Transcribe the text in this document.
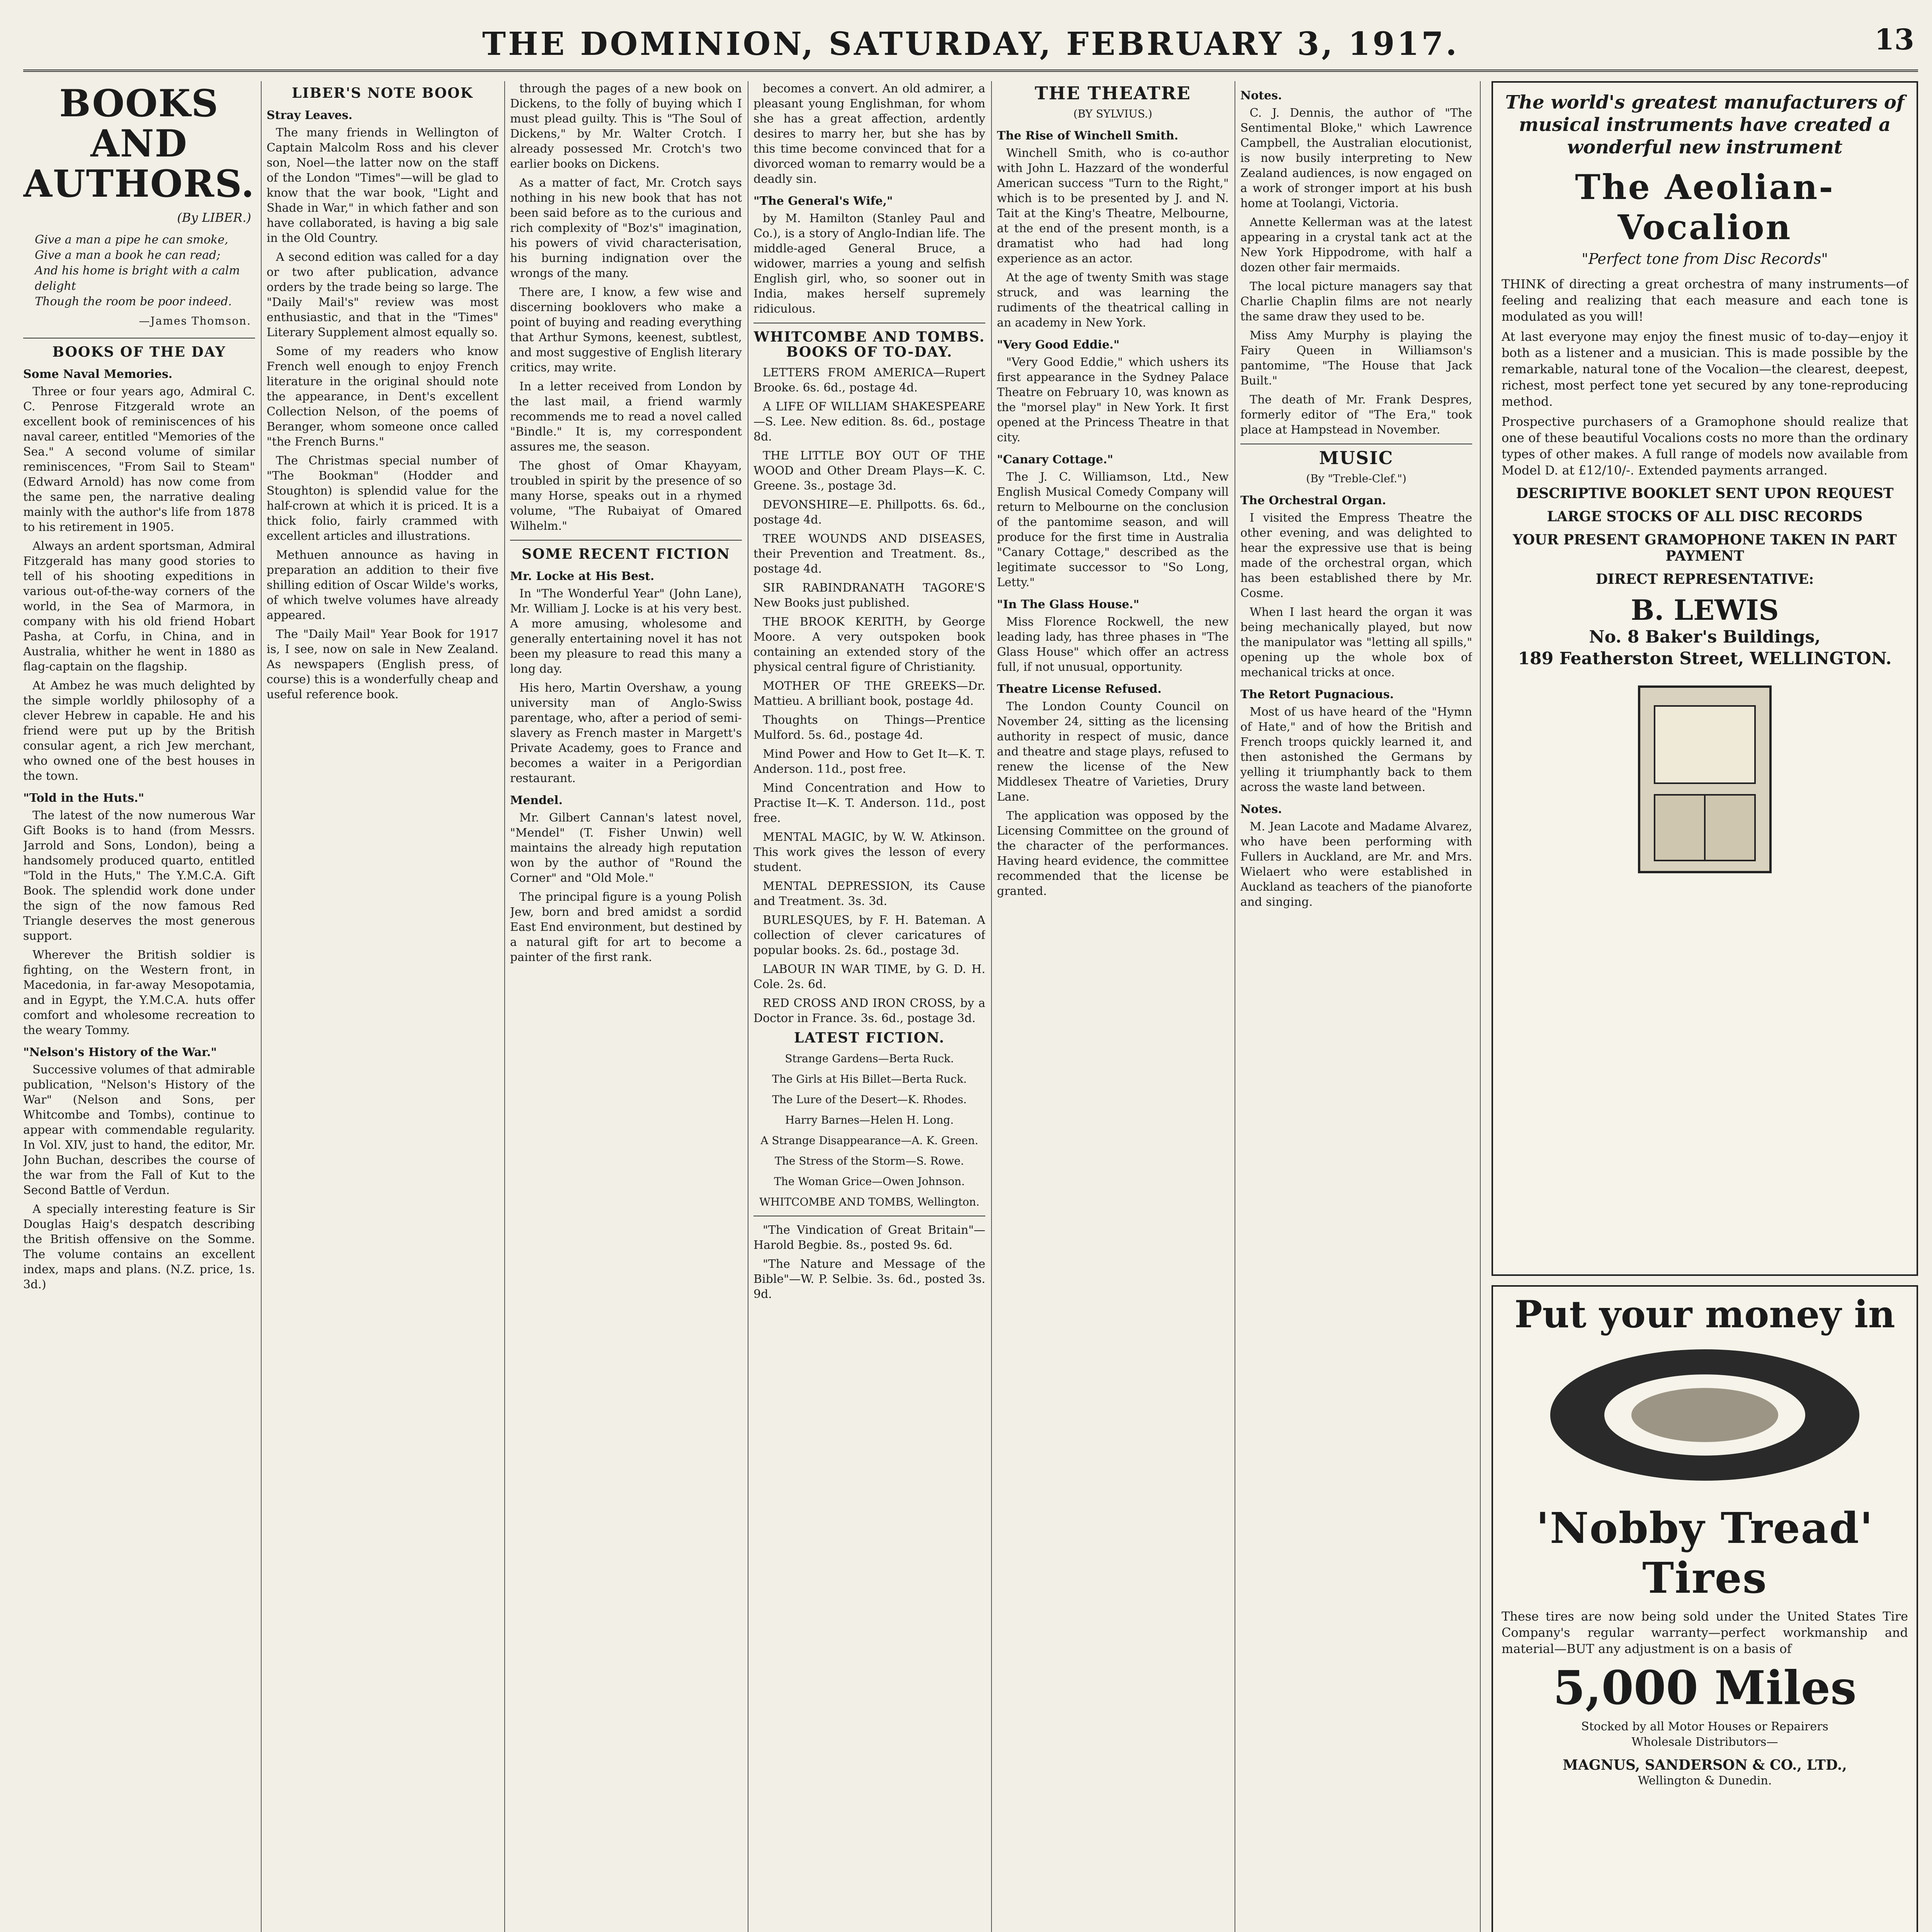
THE DOMINION, SATURDAY, FEBRUARY 3, 1917.	13
BOOKS AND AUTHORS.
(By LIBER.)
Give a man a pipe he can smoke,
Give a man a book he can read;
And his home is bright with a calm delight
Though the room be poor indeed.
—James Thomson.
BOOKS OF THE DAY
Some Naval Memories.

Three or four years ago, Admiral C. C. Penrose Fitzgerald wrote an excellent book of reminiscences of his naval career, entitled "Memories of the Sea." A second volume of similar reminiscences, "From Sail to Steam" (Edward Arnold) has now come from the same pen, the narrative dealing mainly with the author's life from 1878 to his retirement in 1905.

Always an ardent sportsman, Admiral Fitzgerald has many good stories to tell of his shooting expeditions in various out-of-the-way corners of the world, in the Sea of Marmora, in company with his old friend Hobart Pasha, at Corfu, in China, and in Australia, whither he went in 1880 as flag-captain on the flagship.

At Ambez he was much delighted by the simple worldly philosophy of a clever Hebrew in capable. He and his friend were put up by the British consular agent, a rich Jew merchant, who owned one of the best houses in the town.

"Told in the Huts."

The latest of the now numerous War Gift Books is to hand (from Messrs. Jarrold and Sons, London), being a handsomely produced quarto, entitled "Told in the Huts," The Y.M.C.A. Gift Book. The splendid work done under the sign of the now famous Red Triangle deserves the most generous support.

Wherever the British soldier is fighting, on the Western front, in Macedonia, in far-away Mesopotamia, and in Egypt, the Y.M.C.A. huts offer comfort and wholesome recreation to the weary Tommy.

"Nelson's History of the War."

Successive volumes of that admirable publication, "Nelson's History of the War" (Nelson and Sons, per Whitcombe and Tombs), continue to appear with commendable regularity. In Vol. XIV, just to hand, the editor, Mr. John Buchan, describes the course of the war from the Fall of Kut to the Second Battle of Verdun.

A specially interesting feature is Sir Douglas Haig's despatch describing the British offensive on the Somme. The volume contains an excellent index, maps and plans. (N.Z. price, 1s. 3d.)

LIBER'S NOTE BOOK
Stray Leaves.

The many friends in Wellington of Captain Malcolm Ross and his clever son, Noel—the latter now on the staff of the London "Times"—will be glad to know that the war book, "Light and Shade in War," in which father and son have collaborated, is having a big sale in the Old Country.

A second edition was called for a day or two after publication, advance orders by the trade being so large. The "Daily Mail's" review was most enthusiastic, and that in the "Times" Literary Supplement almost equally so.

Some of my readers who know French well enough to enjoy French literature in the original should note the appearance, in Dent's excellent Collection Nelson, of the poems of Beranger, whom someone once called "the French Burns."

The Christmas special number of "The Bookman" (Hodder and Stoughton) is splendid value for the half-crown at which it is priced. It is a thick folio, fairly crammed with excellent articles and illustrations.

Methuen announce as having in preparation an addition to their five shilling edition of Oscar Wilde's works, of which twelve volumes have already appeared.

The "Daily Mail" Year Book for 1917 is, I see, now on sale in New Zealand. As newspapers (English press, of course) this is a wonderfully cheap and useful reference book.

through the pages of a new book on Dickens, to the folly of buying which I must plead guilty. This is "The Soul of Dickens," by Mr. Walter Crotch. I already possessed Mr. Crotch's two earlier books on Dickens.

As a matter of fact, Mr. Crotch says nothing in his new book that has not been said before as to the curious and rich complexity of "Boz's" imagination, his powers of vivid characterisation, his burning indignation over the wrongs of the many.

There are, I know, a few wise and discerning booklovers who make a point of buying and reading everything that Arthur Symons, keenest, subtlest, and most suggestive of English literary critics, may write.

In a letter received from London by the last mail, a friend warmly recommends me to read a novel called "Bindle." It is, my correspondent assures me, the season.

The ghost of Omar Khayyam, troubled in spirit by the presence of so many Horse, speaks out in a rhymed volume, "The Rubaiyat of Omared Wilhelm."

SOME RECENT FICTION
Mr. Locke at His Best.

In "The Wonderful Year" (John Lane), Mr. William J. Locke is at his very best. A more amusing, wholesome and generally entertaining novel it has not been my pleasure to read this many a long day.

His hero, Martin Overshaw, a young university man of Anglo-Swiss parentage, who, after a period of semi-slavery as French master in Margett's Private Academy, goes to France and becomes a waiter in a Perigordian restaurant.

Mendel.

Mr. Gilbert Cannan's latest novel, "Mendel" (T. Fisher Unwin) well maintains the already high reputation won by the author of "Round the Corner" and "Old Mole."

The principal figure is a young Polish Jew, born and bred amidst a sordid East End environment, but destined by a natural gift for art to become a painter of the first rank.

becomes a convert. An old admirer, a pleasant young Englishman, for whom she has a great affection, ardently desires to marry her, but she has by this time become convinced that for a divorced woman to remarry would be a deadly sin.

"The General's Wife,"

by M. Hamilton (Stanley Paul and Co.), is a story of Anglo-Indian life. The middle-aged General Bruce, a widower, marries a young and selfish English girl, who, so sooner out in India, makes herself supremely ridiculous.

WHITCOMBE AND TOMBS. BOOKS OF TO-DAY.

LETTERS FROM AMERICA—Rupert Brooke. 6s. 6d., postage 4d.

A LIFE OF WILLIAM SHAKESPEARE—S. Lee. New edition. 8s. 6d., postage 8d.

THE LITTLE BOY OUT OF THE WOOD and Other Dream Plays—K. C. Greene. 3s., postage 3d.

DEVONSHIRE—E. Phillpotts. 6s. 6d., postage 4d.

TREE WOUNDS AND DISEASES, their Prevention and Treatment. 8s., postage 4d.

SIR RABINDRANATH TAGORE'S New Books just published.

THE BROOK KERITH, by George Moore. A very outspoken book containing an extended story of the physical central figure of Christianity.

MOTHER OF THE GREEKS—Dr. Mattieu. A brilliant book, postage 4d.

Thoughts on Things—Prentice Mulford. 5s. 6d., postage 4d.

Mind Power and How to Get It—K. T. Anderson. 11d., post free.

Mind Concentration and How to Practise It—K. T. Anderson. 11d., post free.

MENTAL MAGIC, by W. W. Atkinson. This work gives the lesson of every student.

MENTAL DEPRESSION, its Cause and Treatment. 3s. 3d.

BURLESQUES, by F. H. Bateman. A collection of clever caricatures of popular books. 2s. 6d., postage 3d.

LABOUR IN WAR TIME, by G. D. H. Cole. 2s. 6d.

RED CROSS AND IRON CROSS, by a Doctor in France. 3s. 6d., postage 3d.

LATEST FICTION.
Strange Gardens—Berta Ruck.
The Girls at His Billet—Berta Ruck.
The Lure of the Desert—K. Rhodes.
Harry Barnes—Helen H. Long.
A Strange Disappearance—A. K. Green.
The Stress of the Storm—S. Rowe.
The Woman Grice—Owen Johnson.
WHITCOMBE AND TOMBS, Wellington.

"The Vindication of Great Britain"—Harold Begbie. 8s., posted 9s. 6d.

"The Nature and Message of the Bible"—W. P. Selbie. 3s. 6d., posted 3s. 9d.

THE THEATRE
(BY SYLVIUS.)
The Rise of Winchell Smith.

Winchell Smith, who is co-author with John L. Hazzard of the wonderful American success "Turn to the Right," which is to be presented by J. and N. Tait at the King's Theatre, Melbourne, at the end of the present month, is a dramatist who had had long experience as an actor.

At the age of twenty Smith was stage struck, and was learning the rudiments of the theatrical calling in an academy in New York.

"Very Good Eddie."

"Very Good Eddie," which ushers its first appearance in the Sydney Palace Theatre on February 10, was known as the "morsel play" in New York. It first opened at the Princess Theatre in that city.

"Canary Cottage."

The J. C. Williamson, Ltd., New English Musical Comedy Company will return to Melbourne on the conclusion of the pantomime season, and will produce for the first time in Australia "Canary Cottage," described as the legitimate successor to "So Long, Letty."

"In The Glass House."

Miss Florence Rockwell, the new leading lady, has three phases in "The Glass House" which offer an actress full, if not unusual, opportunity.

Theatre License Refused.

The London County Council on November 24, sitting as the licensing authority in respect of music, dance and theatre and stage plays, refused to renew the license of the New Middlesex Theatre of Varieties, Drury Lane.

The application was opposed by the Licensing Committee on the ground of the character of the performances. Having heard evidence, the committee recommended that the license be granted.

Notes.

C. J. Dennis, the author of "The Sentimental Bloke," which Lawrence Campbell, the Australian elocutionist, is now busily interpreting to New Zealand audiences, is now engaged on a work of stronger import at his bush home at Toolangi, Victoria.

Annette Kellerman was at the latest appearing in a crystal tank act at the New York Hippodrome, with half a dozen other fair mermaids.

The local picture managers say that Charlie Chaplin films are not nearly the same draw they used to be.

Miss Amy Murphy is playing the Fairy Queen in Williamson's pantomime, "The House that Jack Built."

The death of Mr. Frank Despres, formerly editor of "The Era," took place at Hampstead in November.

MUSIC
(By "Treble-Clef.")
The Orchestral Organ.

I visited the Empress Theatre the other evening, and was delighted to hear the expressive use that is being made of the orchestral organ, which has been established there by Mr. Cosme.

When I last heard the organ it was being mechanically played, but now the manipulator was "letting all spills," opening up the whole box of mechanical tricks at once.

The Retort Pugnacious.

Most of us have heard of the "Hymn of Hate," and of how the British and French troops quickly learned it, and then astonished the Germans by yelling it triumphantly back to them across the waste land between.

Notes.

M. Jean Lacote and Madame Alvarez, who have been performing with Fullers in Auckland, are Mr. and Mrs. Wielaert who were established in Auckland as teachers of the pianoforte and singing.

The world's greatest manufacturers of musical instruments have created a wonderful new instrument
The Aeolian-Vocalion
"Perfect tone from Disc Records"
THINK of directing a great orchestra of many instruments—of feeling and realizing that each measure and each tone is modulated as you will!
At last everyone may enjoy the finest music of to-day—enjoy it both as a listener and a musician. This is made possible by the remarkable, natural tone of the Vocalion—the clearest, deepest, richest, most perfect tone yet secured by any tone-reproducing method.
Prospective purchasers of a Gramophone should realize that one of these beautiful Vocalions costs no more than the ordinary types of other makes. A full range of models now available from Model D. at £12/10/-. Extended payments arranged.
DESCRIPTIVE BOOKLET SENT UPON REQUEST
LARGE STOCKS OF ALL DISC RECORDS
YOUR PRESENT GRAMOPHONE TAKEN IN PART PAYMENT
DIRECT REPRESENTATIVE:
B. LEWIS
No. 8 Baker's Buildings,
189 Featherston Street, WELLINGTON.
Put your money in
'Nobby Tread' Tires
These tires are now being sold under the United States Tire Company's regular warranty—perfect workmanship and material—BUT any adjustment is on a basis of
5,000 Miles
Stocked by all Motor Houses or Repairers
Wholesale Distributors—
MAGNUS, SANDERSON & CO., LTD.,
Wellington & Dunedin.
